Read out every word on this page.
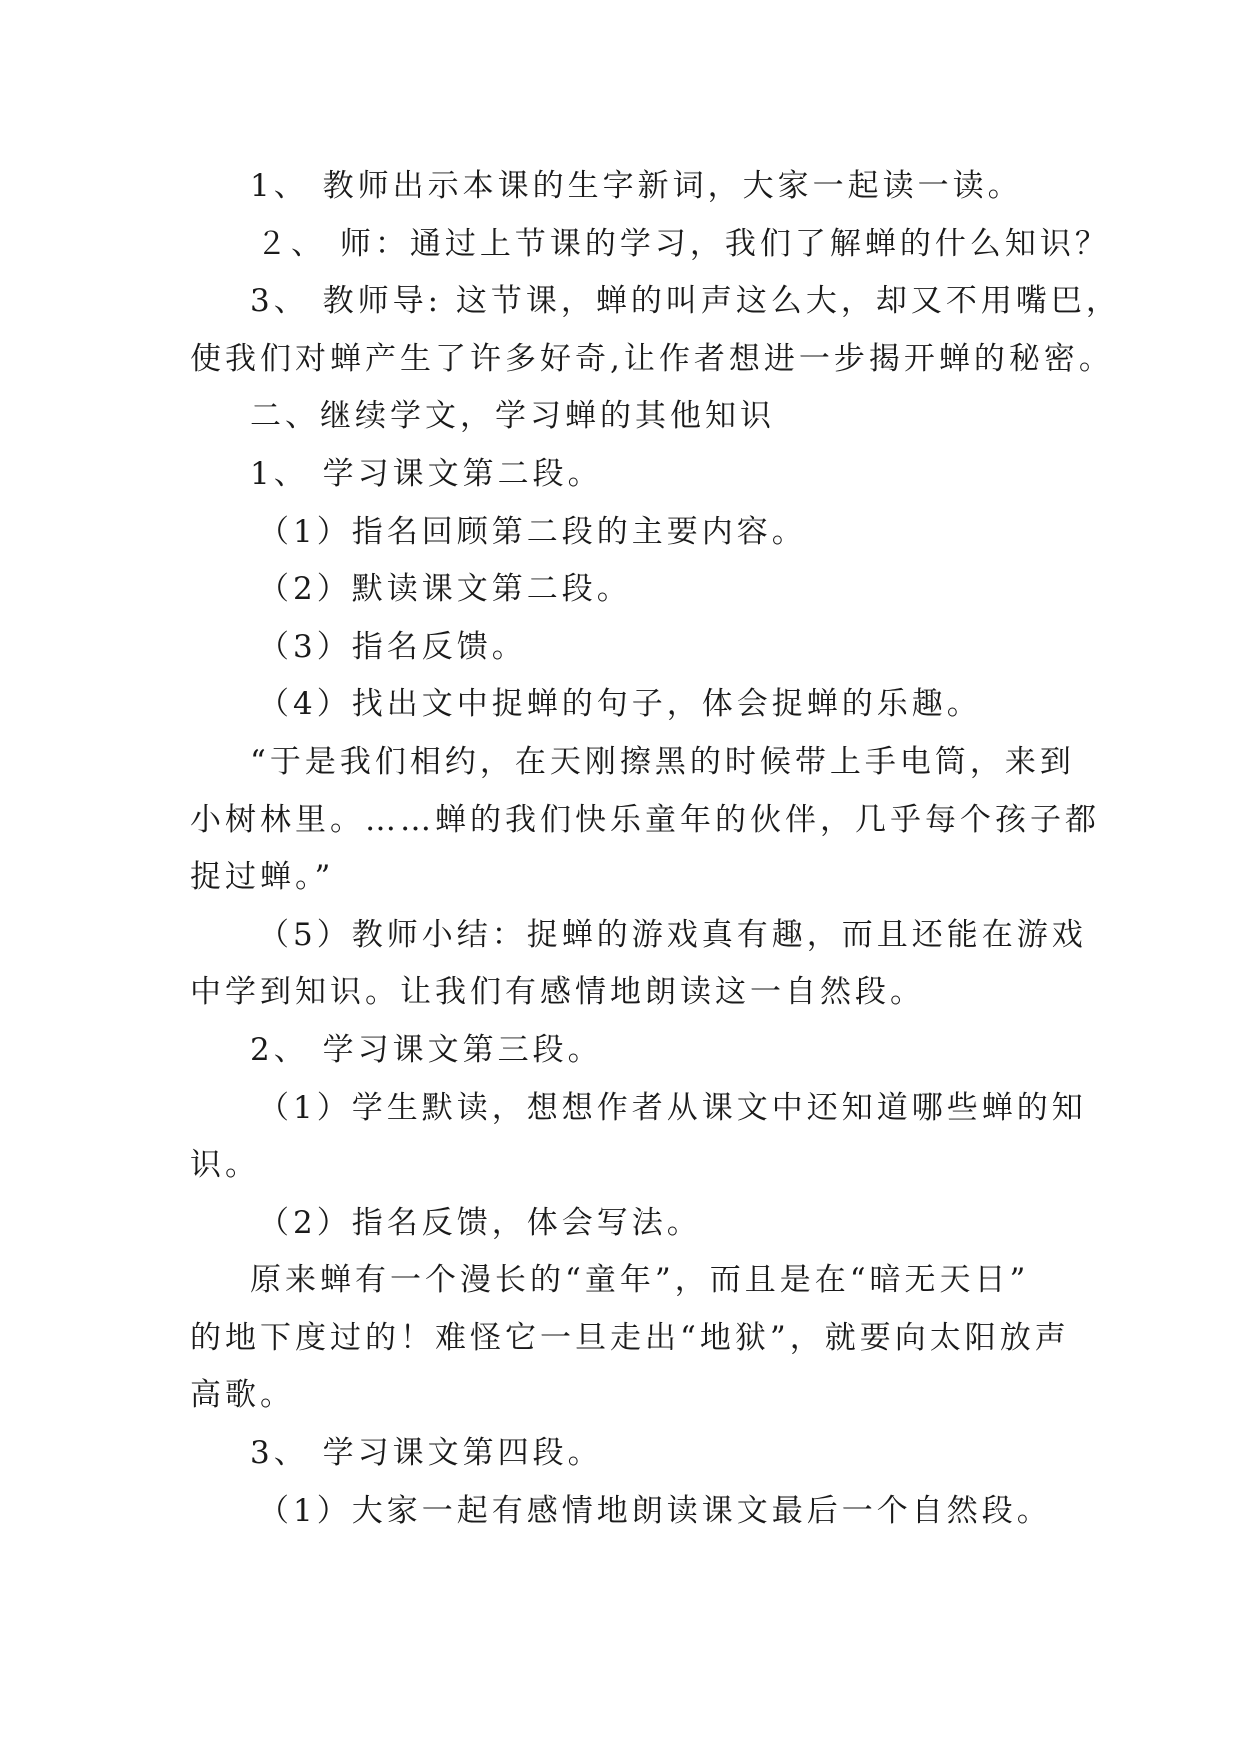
1、 教师出示本课的生字新词，大家一起读一读。
２、 师：通过上节课的学习，我们了解蝉的什么知识？
3、 教师导: 这节课，蝉的叫声这么大，却又不用嘴巴，
使我们对蝉产生了许多好奇,让作者想进一步揭开蝉的秘密。
二、继续学文，学习蝉的其他知识
1、 学习课文第二段。
（1）指名回顾第二段的主要内容。
（2）默读课文第二段。
（3）指名反馈。
（4）找出文中捉蝉的句子，体会捉蝉的乐趣。
“于是我们相约，在天刚擦黑的时候带上手电筒，来到
小树林里。……蝉的我们快乐童年的伙伴，几乎每个孩子都
捉过蝉。”
（5）教师小结：捉蝉的游戏真有趣，而且还能在游戏
中学到知识。让我们有感情地朗读这一自然段。
2、 学习课文第三段。
（1）学生默读，想想作者从课文中还知道哪些蝉的知
识。
（2）指名反馈，体会写法。
原来蝉有一个漫长的“童年”，而且是在“暗无天日”
的地下度过的！难怪它一旦走出“地狱”，就要向太阳放声
高歌。
3、 学习课文第四段。
（1）大家一起有感情地朗读课文最后一个自然段。
